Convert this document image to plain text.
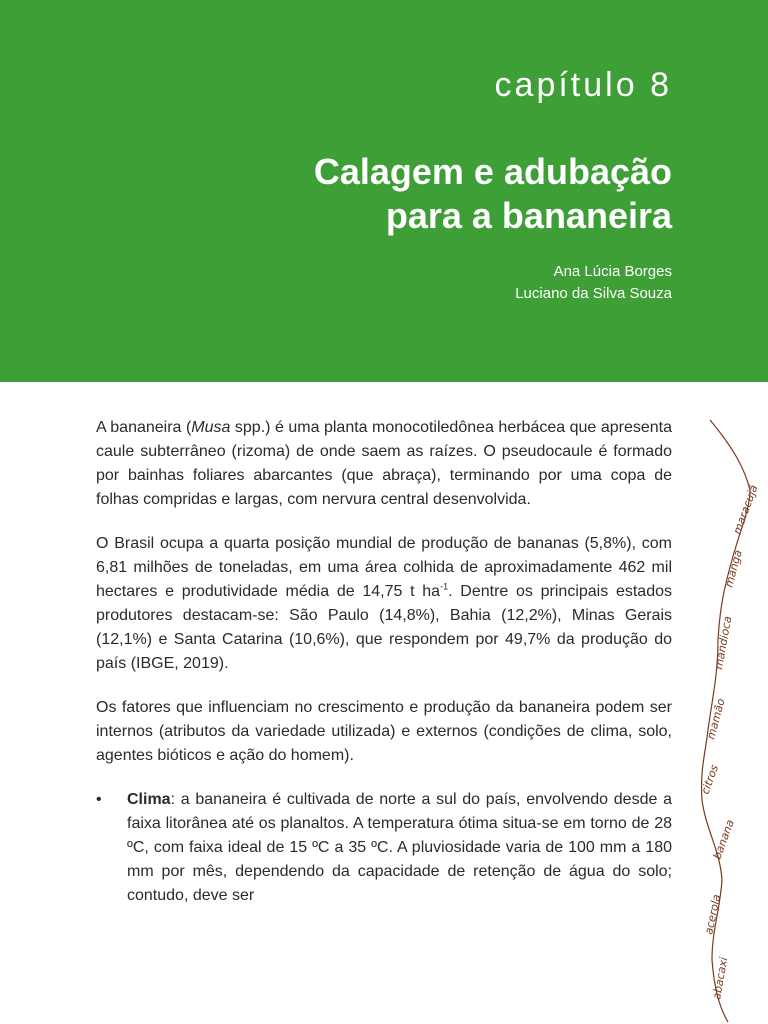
capítulo 8
Calagem e adubação
para a bananeira
Ana Lúcia Borges
Luciano da Silva Souza

A bananeira (Musa spp.) é uma planta monocotiledônea herbácea que apresenta caule subterrâneo (rizoma) de onde saem as raízes. O pseudocaule é formado por bainhas foliares abarcantes (que abraça), terminando por uma copa de folhas compridas e largas, com nervura central desenvolvida.

O Brasil ocupa a quarta posição mundial de produção de bananas (5,8%), com 6,81 milhões de toneladas, em uma área colhida de aproximadamente 462 mil hectares e produtividade média de 14,75 t $ha^{-1}$. Dentre os principais estados produtores destacam-se: São Paulo (14,8%), Bahia (12,2%), Minas Gerais (12,1%) e Santa Catarina (10,6%), que respondem por 49,7% da produção do país (IBGE, 2019).

Os fatores que influenciam no crescimento e produção da bananeira podem ser internos (atributos da variedade utilizada) e externos (condições de clima, solo, agentes bióticos e ação do homem).

• Clima: a bananeira é cultivada de norte a sul do país, envolvendo desde a faixa litorânea até os planaltos. A temperatura ótima situa-se em torno de 28 ºC, com faixa ideal de 15 ºC a 35 ºC. A pluviosidade varia de 100 mm a 180 mm por mês, dependendo da capacidade de retenção de água do solo; contudo, deve ser
maracujá
manga
mandioca
mamão
citros
banana
acerola
abacaxi
